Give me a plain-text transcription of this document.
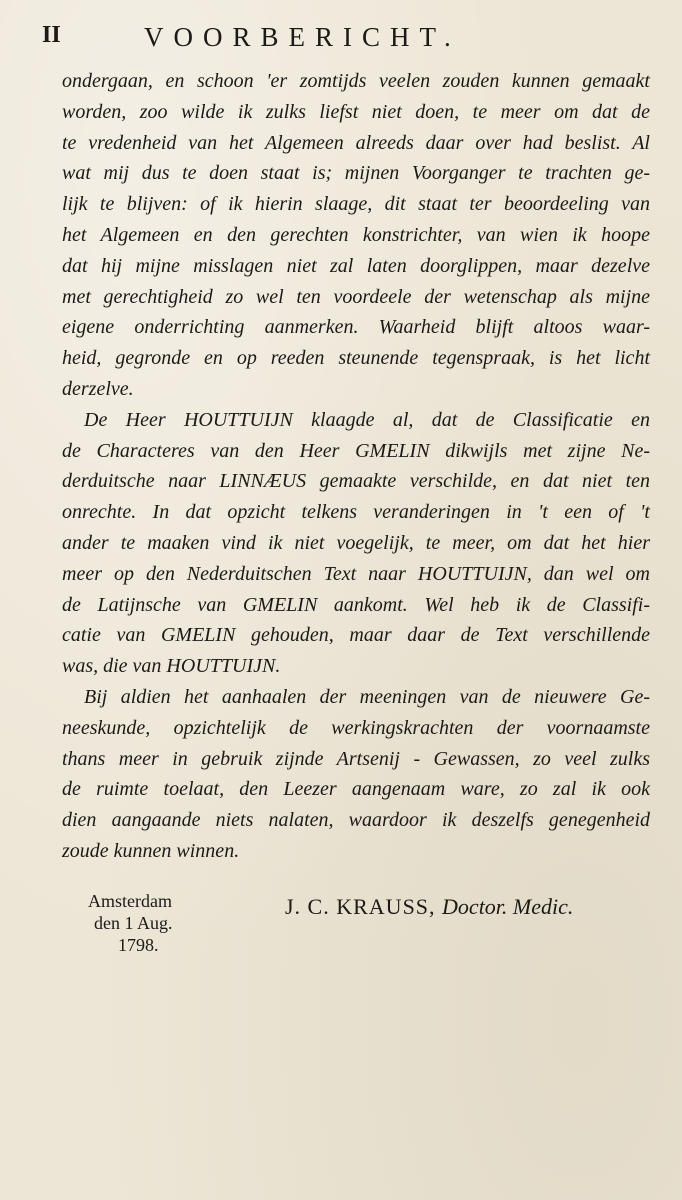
II	VOORBERICHT.
ondergaan, en schoon 'er zomtijds veelen zouden kunnen gemaakt
worden, zoo wilde ik zulks liefst niet doen, te meer om dat de
te vredenheid van het Algemeen alreeds daar over had beslist. Al
wat mij dus te doen staat is; mijnen Voorganger te trachten ge-
lijk te blijven: of ik hierin slaage, dit staat ter beoordeeling van
het Algemeen en den gerechten konstrichter, van wien ik hoope
dat hij mijne misslagen niet zal laten doorglippen, maar dezelve
met gerechtigheid zo wel ten voordeele der wetenschap als mijne
eigene onderrichting aanmerken. Waarheid blijft altoos waar-
heid, gegronde en op reeden steunende tegenspraak, is het licht
derzelve.
De Heer HOUTTUIJN klaagde al, dat de Classificatie en
de Characteres van den Heer GMELIN dikwijls met zijne Ne-
derduitsche naar LINNÆUS gemaakte verschilde, en dat niet ten
onrechte. In dat opzicht telkens veranderingen in 't een of 't
ander te maaken vind ik niet voegelijk, te meer, om dat het hier
meer op den Nederduitschen Text naar HOUTTUIJN, dan wel om
de Latijnsche van GMELIN aankomt. Wel heb ik de Classifi-
catie van GMELIN gehouden, maar daar de Text verschillende
was, die van HOUTTUIJN.
Bij aldien het aanhaalen der meeningen van de nieuwere Ge-
neeskunde, opzichtelijk de werkingskrachten der voornaamste
thans meer in gebruik zijnde Artsenij - Gewassen, zo veel zulks
de ruimte toelaat, den Leezer aangenaam ware, zo zal ik ook
dien aangaande niets nalaten, waardoor ik deszelfs genegenheid
zoude kunnen winnen.
Amsterdam
den 1 Aug.
1798.
J. C. KRAUSS, Doctor. Medic.
